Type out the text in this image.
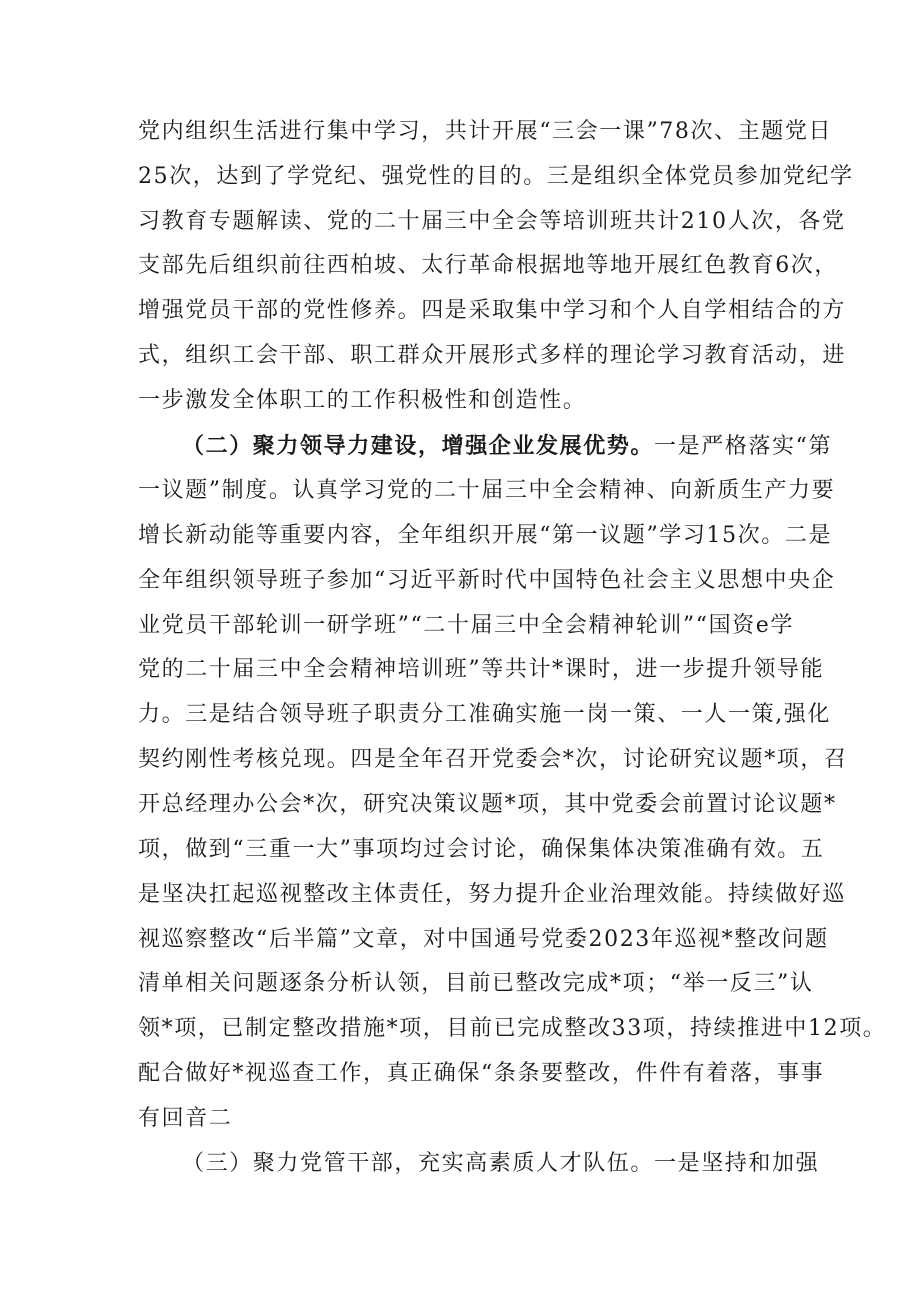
党内组织生活进行集中学习，共计开展“三会一课”78次、主题党日
25次，达到了学党纪、强党性的目的。三是组织全体党员参加党纪学
习教育专题解读、党的二十届三中全会等培训班共计210人次，各党
支部先后组织前往西柏坡、太行革命根据地等地开展红色教育6次，
增强党员干部的党性修养。四是采取集中学习和个人自学相结合的方
式，组织工会干部、职工群众开展形式多样的理论学习教育活动，进
一步激发全体职工的工作积极性和创造性。
（二）聚力领导力建设，增强企业发展优势。一是严格落实“第
一议题”制度。认真学习党的二十届三中全会精神、向新质生产力要
增长新动能等重要内容，全年组织开展“第一议题”学习15次。二是
全年组织领导班子参加“习近平新时代中国特色社会主义思想中央企
业党员干部轮训一研学班”“二十届三中全会精神轮训”“国资e学
党的二十届三中全会精神培训班”等共计*课时，进一步提升领导能
力。三是结合领导班子职责分工准确实施一岗一策、一人一策,强化
契约刚性考核兑现。四是全年召开党委会*次，讨论研究议题*项，召
开总经理办公会*次，研究决策议题*项，其中党委会前置讨论议题*
项，做到“三重一大”事项均过会讨论，确保集体决策准确有效。五
是坚决扛起巡视整改主体责任，努力提升企业治理效能。持续做好巡
视巡察整改“后半篇”文章，对中国通号党委2023年巡视*整改问题
清单相关问题逐条分析认领，目前已整改完成*项；“举一反三”认
领*项，已制定整改措施*项，目前已完成整改33项，持续推进中12项。
配合做好*视巡查工作，真正确保“条条要整改，件件有着落，事事
有回音二
（三）聚力党管干部，充实高素质人才队伍。一是坚持和加强
